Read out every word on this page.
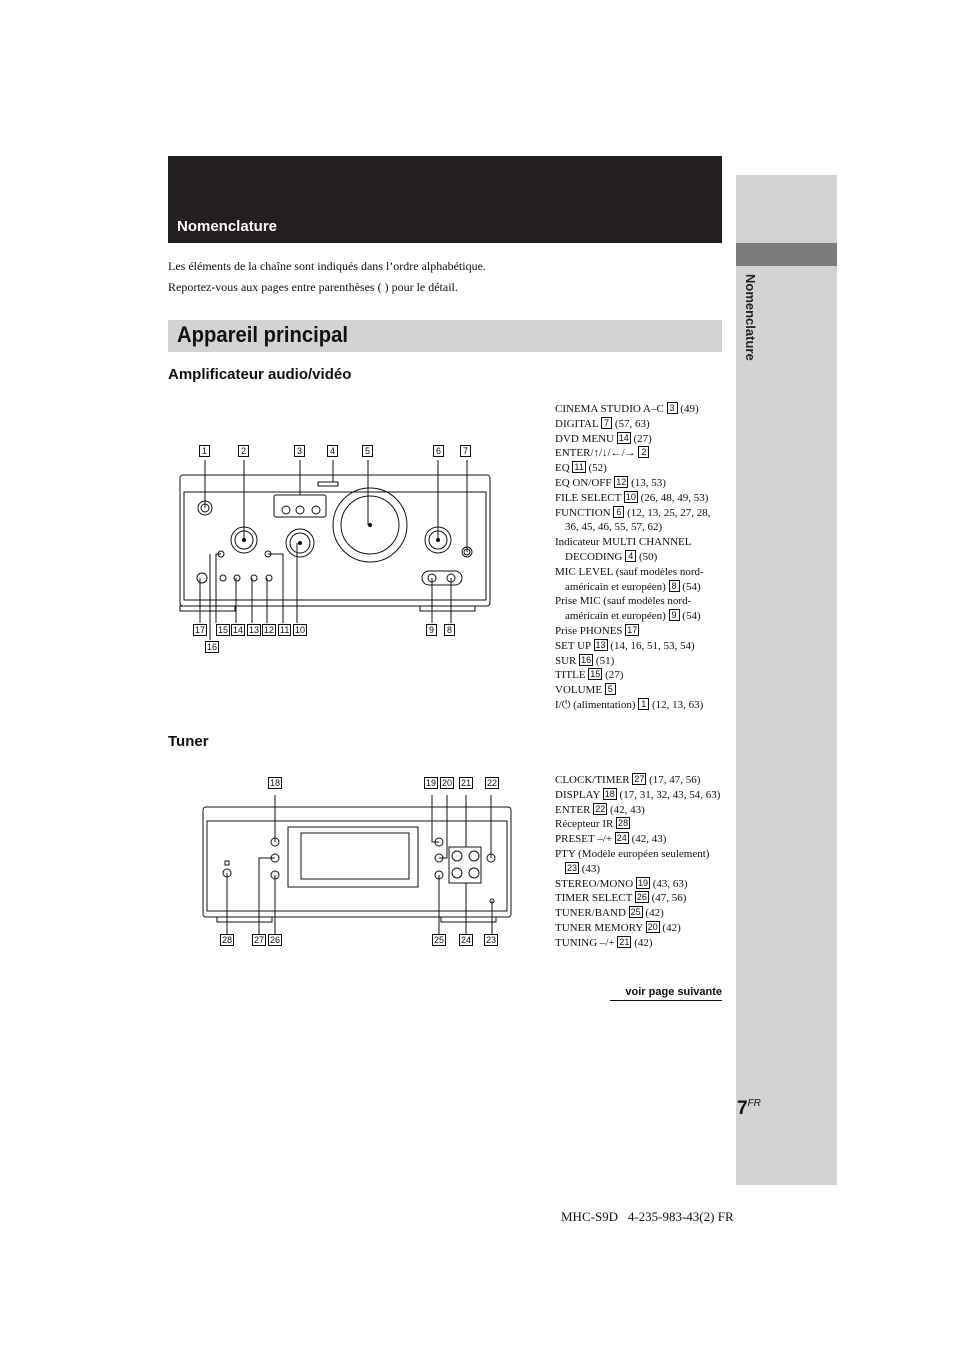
Nomenclature
Nomenclature
Les éléments de la chaîne sont indiqués dans l’ordre alphabétique.
Reportez-vous aux pages entre parenthèses ( ) pour le détail.
Appareil principal
Amplificateur audio/vidéo
Tuner
1	2	3	4	5	6	7
17 15 14 13 12 11 10	9	8
16
CINEMA STUDIO A–C 3 (49)
DIGITAL 7 (57, 63)
DVD MENU 14 (27)
ENTER/↑/↓/←/→ 2
EQ 11 (52)
EQ ON/OFF 12 (13, 53)
FILE SELECT 10 (26, 48, 49, 53)
FUNCTION 6 (12, 13, 25, 27, 28, 36, 45, 46, 55, 57, 62)
Indicateur MULTI CHANNEL DECODING 4 (50)
MIC LEVEL (sauf modèles nord-américain et européen) 8 (54)
Prise MIC (sauf modèles nord-américain et européen) 9 (54)
Prise PHONES 17
SET UP 13 (14, 16, 51, 53, 54)
SUR 16 (51)
TITLE 15 (27)
VOLUME 5
I/⏻ (alimentation) 1 (12, 13, 63)
18	19 20 21 22
28 27 26	25 24 23
CLOCK/TIMER 27 (17, 47, 56)
DISPLAY 18 (17, 31, 32, 43, 54, 63)
ENTER 22 (42, 43)
Récepteur IR 28
PRESET –/+ 24 (42, 43)
PTY (Modèle européen seulement) 23 (43)
STEREO/MONO 19 (43, 63)
TIMER SELECT 26 (47, 56)
TUNER/BAND 25 (42)
TUNER MEMORY 20 (42)
TUNING –/+ 21 (42)
voir page suivante
$7^{FR}$
MHC-S9D   4-235-983-43(2) FR
